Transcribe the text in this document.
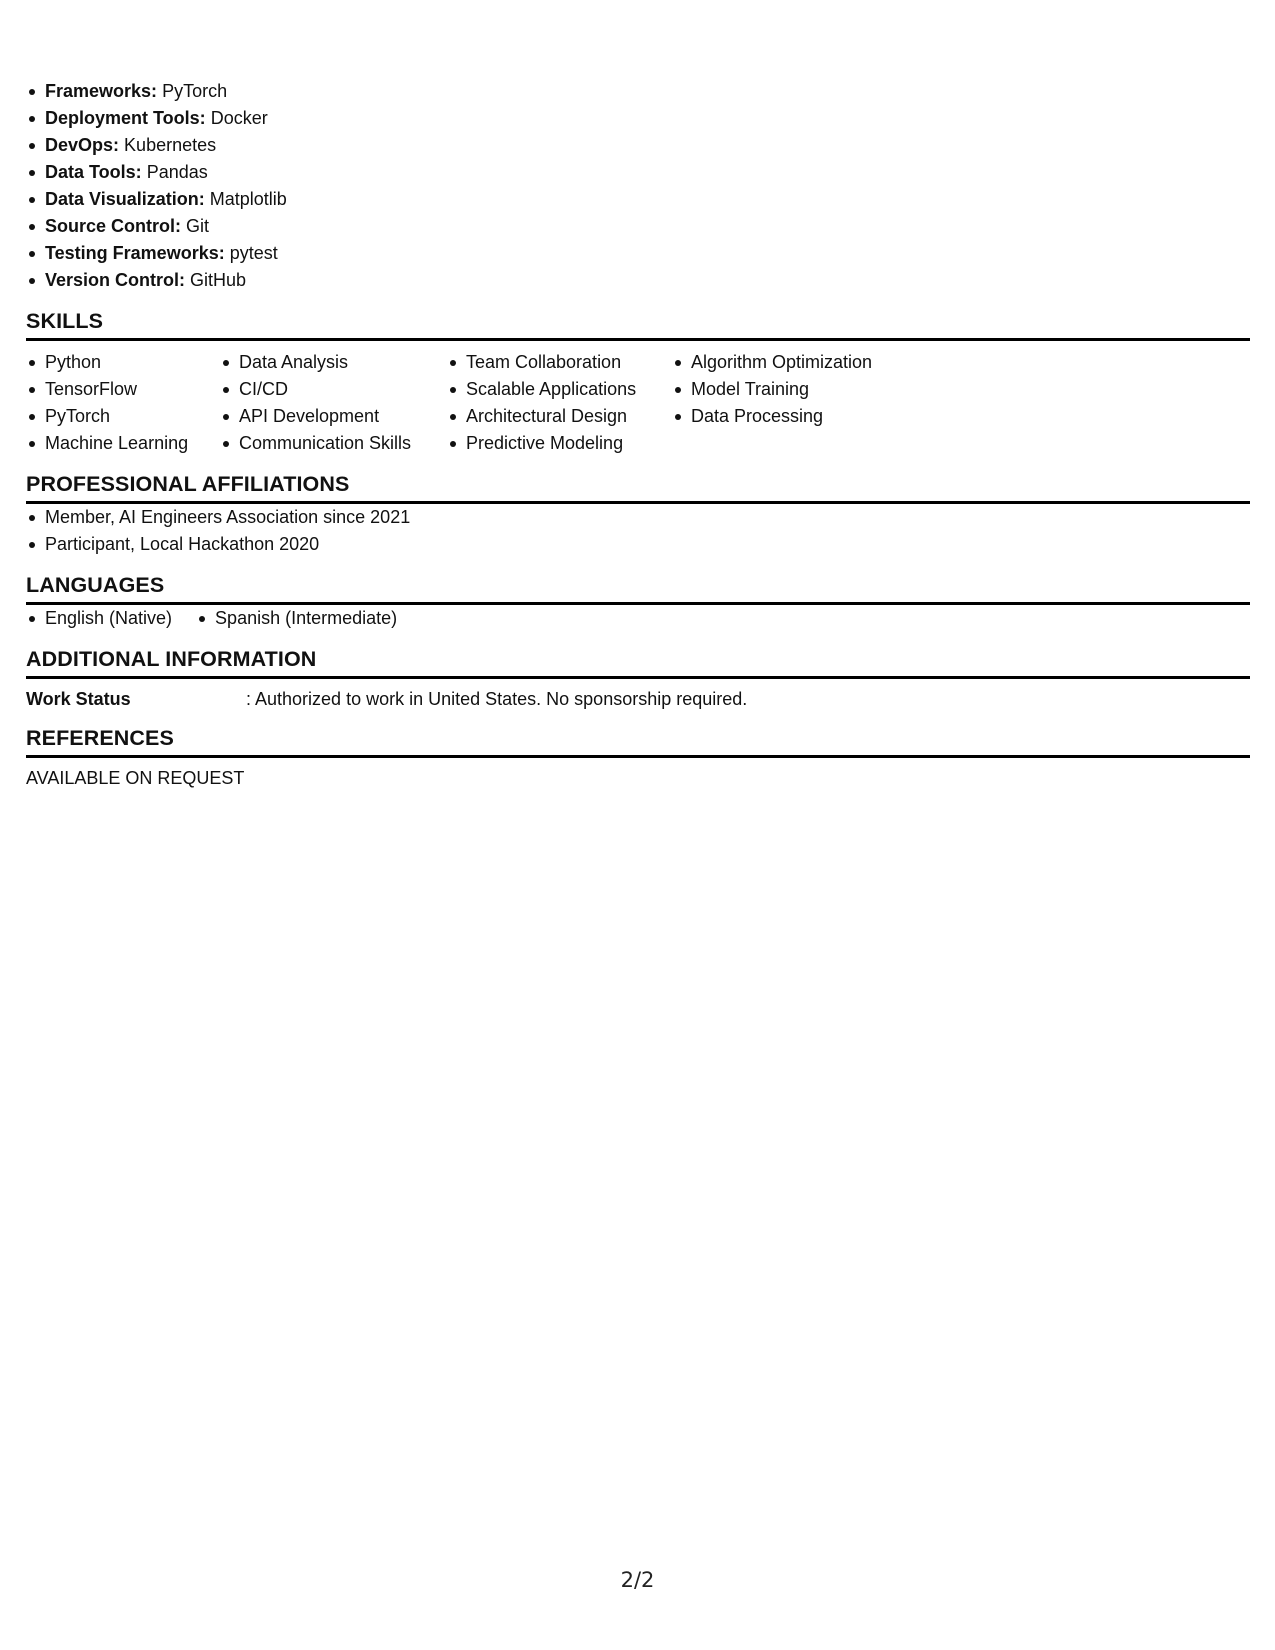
Frameworks: PyTorch
Deployment Tools: Docker
DevOps: Kubernetes
Data Tools: Pandas
Data Visualization: Matplotlib
Source Control: Git
Testing Frameworks: pytest
Version Control: GitHub
SKILLS
Python
TensorFlow
PyTorch
Machine Learning
Data Analysis
CI/CD
API Development
Communication Skills
Team Collaboration
Scalable Applications
Architectural Design
Predictive Modeling
Algorithm Optimization
Model Training
Data Processing
PROFESSIONAL AFFILIATIONS
Member, AI Engineers Association since 2021
Participant, Local Hackathon 2020
LANGUAGES
English (Native)	Spanish (Intermediate)
ADDITIONAL INFORMATION
Work Status	: Authorized to work in United States. No sponsorship required.
REFERENCES
AVAILABLE ON REQUEST
2/2
